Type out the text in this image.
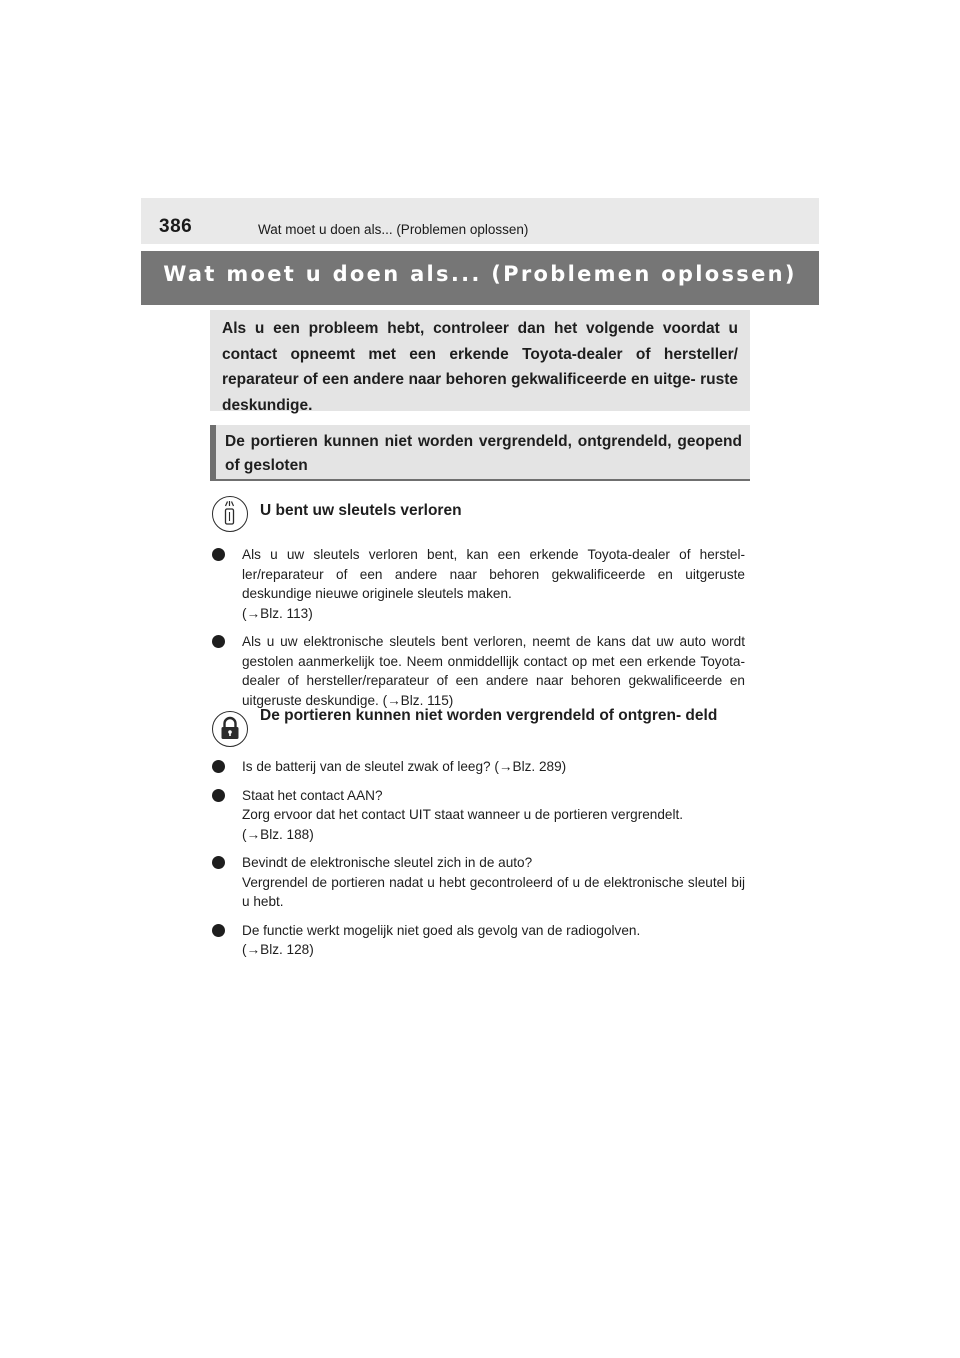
386	Wat moet u doen als... (Problemen oplossen)
Wat moet u doen als... (Problemen oplossen)

Als u een probleem hebt, controleer dan het volgende voordat u contact opneemt met een erkende Toyota-dealer of hersteller/ reparateur of een andere naar behoren gekwalificeerde en uitge- ruste deskundige.

De portieren kunnen niet worden vergrendeld, ontgrendeld, geopend of gesloten

U bent uw sleutels verloren

Als u uw sleutels verloren bent, kan een erkende Toyota-dealer of herstel- ler/reparateur of een andere naar behoren gekwalificeerde en uitgeruste deskundige nieuwe originele sleutels maken.
(→Blz. 113)
Als u uw elektronische sleutels bent verloren, neemt de kans dat uw auto wordt gestolen aanmerkelijk toe. Neem onmiddellijk contact op met een erkende Toyota-dealer of hersteller/reparateur of een andere naar behoren gekwalificeerde en uitgeruste deskundige. (→Blz. 115)

De portieren kunnen niet worden vergrendeld of ontgren- deld

Is de batterij van de sleutel zwak of leeg? (→Blz. 289)
Staat het contact AAN?
Zorg ervoor dat het contact UIT staat wanneer u de portieren vergrendelt.
(→Blz. 188)
Bevindt de elektronische sleutel zich in de auto?
Vergrendel de portieren nadat u hebt gecontroleerd of u de elektronische sleutel bij u hebt.
De functie werkt mogelijk niet goed als gevolg van de radiogolven.
(→Blz. 128)
